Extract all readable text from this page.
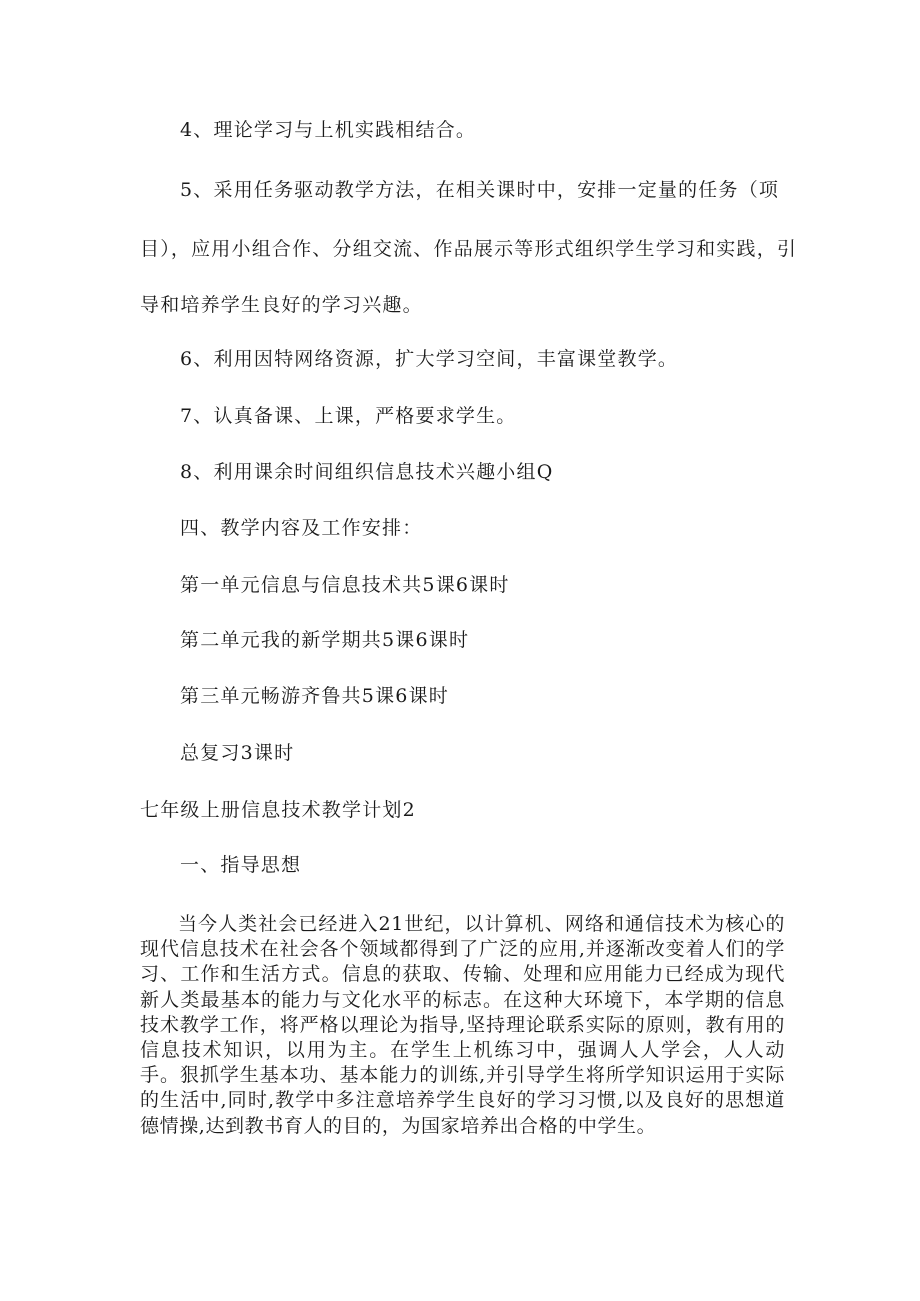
4、理论学习与上机实践相结合。
5、采用任务驱动教学方法，在相关课时中，安排一定量的任务（项
目），应用小组合作、分组交流、作品展示等形式组织学生学习和实践，引
导和培养学生良好的学习兴趣。
6、利用因特网络资源，扩大学习空间，丰富课堂教学。
7、认真备课、上课，严格要求学生。
8、利用课余时间组织信息技术兴趣小组Q
四、教学内容及工作安排：
第一单元信息与信息技术共5课6课时
第二单元我的新学期共5课6课时
第三单元畅游齐鲁共5课6课时
总复习3课时
七年级上册信息技术教学计划2
一、指导思想
当今人类社会已经进入21世纪，以计算机、网络和通信技术为核心的现代信息技术在社会各个领域都得到了广泛的应用,并逐渐改变着人们的学习、工作和生活方式。信息的获取、传输、处理和应用能力已经成为现代新人类最基本的能力与文化水平的标志。在这种大环境下，本学期的信息技术教学工作，将严格以理论为指导,坚持理论联系实际的原则，教有用的信息技术知识，以用为主。在学生上机练习中，强调人人学会，人人动手。狠抓学生基本功、基本能力的训练,并引导学生将所学知识运用于实际的生活中,同时,教学中多注意培养学生良好的学习习惯,以及良好的思想道德情操,达到教书育人的目的，为国家培养出合格的中学生。
